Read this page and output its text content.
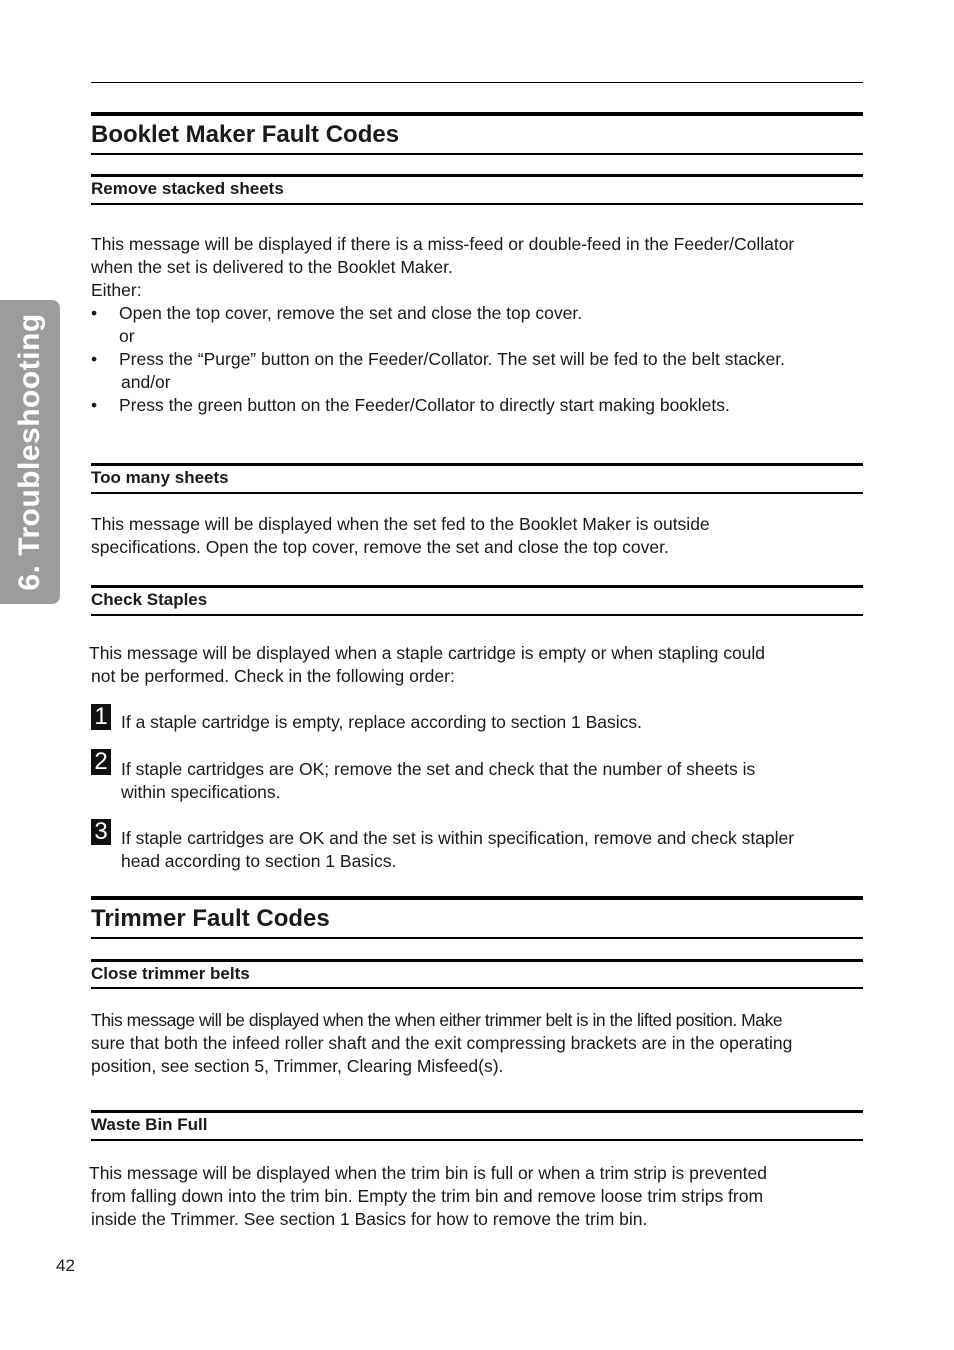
6. Troubleshooting
Booklet Maker Fault Codes
Remove stacked sheets
This message will be displayed if there is a miss-feed or double-feed in the Feeder/Collator
when the set is delivered to the Booklet Maker.
Either:
• Open the top cover, remove the set and close the top cover.
or
• Press the “Purge” button on the Feeder/Collator. The set will be fed to the belt stacker.
and/or
• Press the green button on the Feeder/Collator to directly start making booklets.
Too many sheets
This message will be displayed when the set fed to the Booklet Maker is outside
specifications. Open the top cover, remove the set and close the top cover.
Check Staples
This message will be displayed when a staple cartridge is empty or when stapling could
not be performed. Check in the following order:
1 If a staple cartridge is empty, replace according to section 1 Basics.
2 If staple cartridges are OK; remove the set and check that the number of sheets is
within specifications.
3 If staple cartridges are OK and the set is within specification, remove and check stapler
head according to section 1 Basics.
Trimmer Fault Codes
Close trimmer belts
This message will be displayed when the when either trimmer belt is in the lifted position. Make
sure that both the infeed roller shaft and the exit compressing brackets are in the operating
position, see section 5, Trimmer, Clearing Misfeed(s).
Waste Bin Full
This message will be displayed when the trim bin is full or when a trim strip is prevented
from falling down into the trim bin. Empty the trim bin and remove loose trim strips from
inside the Trimmer. See section 1 Basics for how to remove the trim bin.
42
